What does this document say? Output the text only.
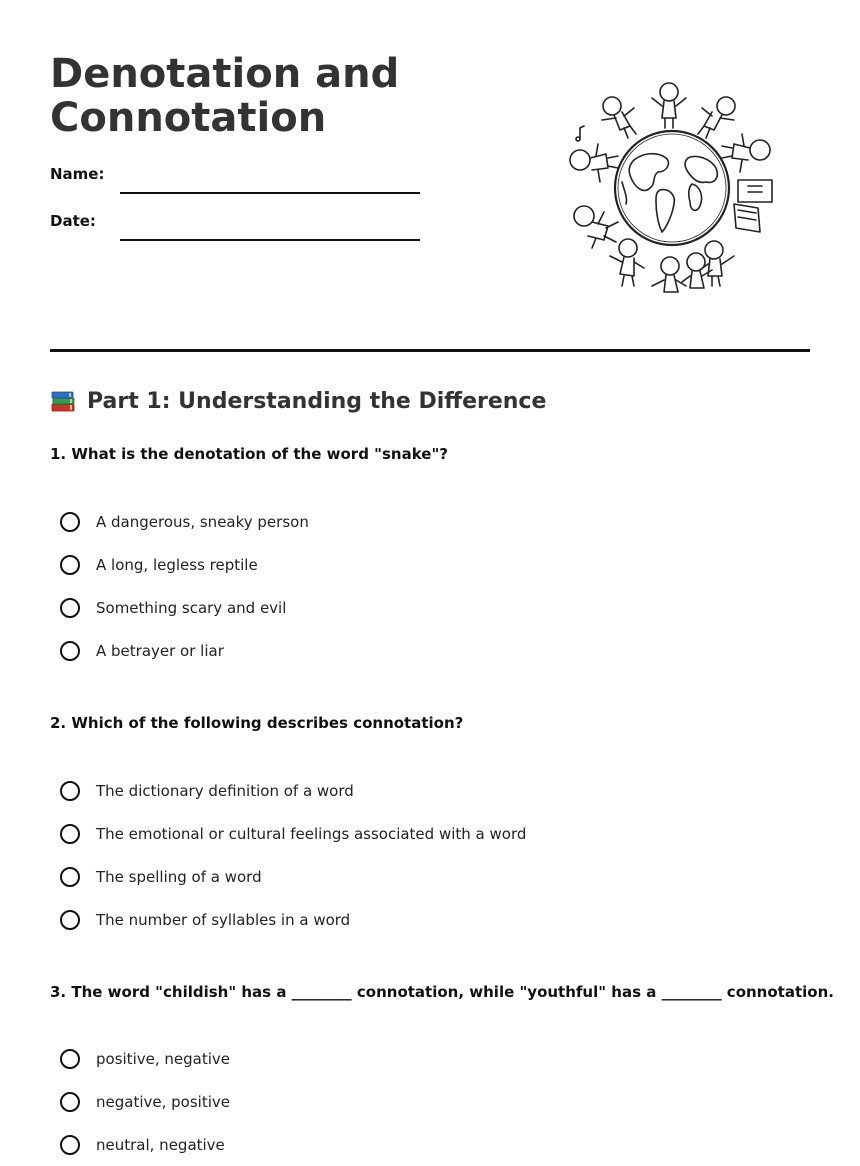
Denotation and Connotation
Name:
Date:
Part 1: Understanding the Difference

1. What is the denotation of the word "snake"?

A dangerous, sneaky person
A long, legless reptile
Something scary and evil
A betrayer or liar

2. Which of the following describes connotation?

The dictionary definition of a word
The emotional or cultural feelings associated with a word
The spelling of a word
The number of syllables in a word

3. The word "childish" has a ________ connotation, while "youthful" has a ________ connotation.

positive, negative
negative, positive
neutral, negative
